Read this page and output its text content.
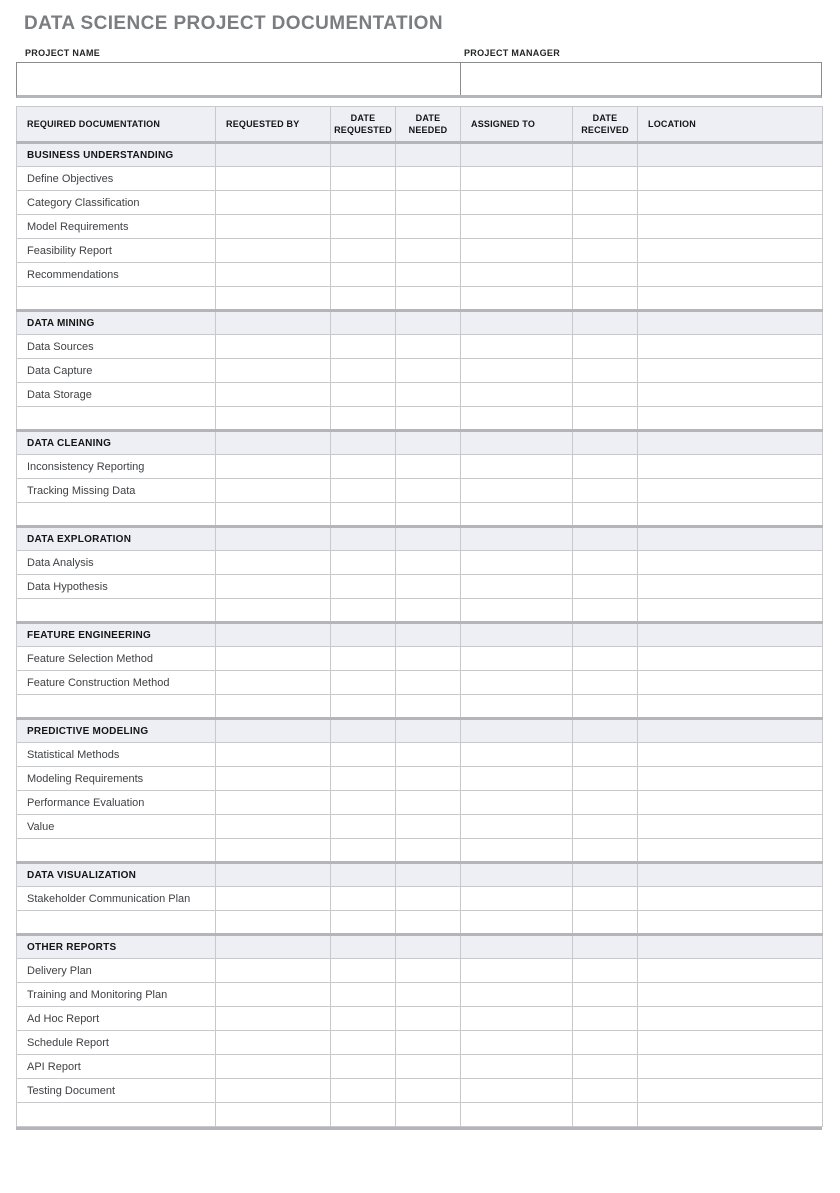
DATA SCIENCE PROJECT DOCUMENTATION
PROJECT NAME	PROJECT MANAGER
REQUIRED DOCUMENTATION	REQUESTED BY	DATE REQUESTED	DATE NEEDED	ASSIGNED TO	DATE RECEIVED	LOCATION
BUSINESS UNDERSTANDING						
Define Objectives						
Category Classification						
Model Requirements						
Feasibility Report						
Recommendations						

DATA MINING						
Data Sources						
Data Capture						
Data Storage						

DATA CLEANING						
Inconsistency Reporting						
Tracking Missing Data						

DATA EXPLORATION						
Data Analysis						
Data Hypothesis						

FEATURE ENGINEERING						
Feature Selection Method						
Feature Construction Method						

PREDICTIVE MODELING						
Statistical Methods						
Modeling Requirements						
Performance Evaluation						
Value						

DATA VISUALIZATION						
Stakeholder Communication Plan						

OTHER REPORTS						
Delivery Plan						
Training and Monitoring Plan						
Ad Hoc Report						
Schedule Report						
API Report						
Testing Document						
